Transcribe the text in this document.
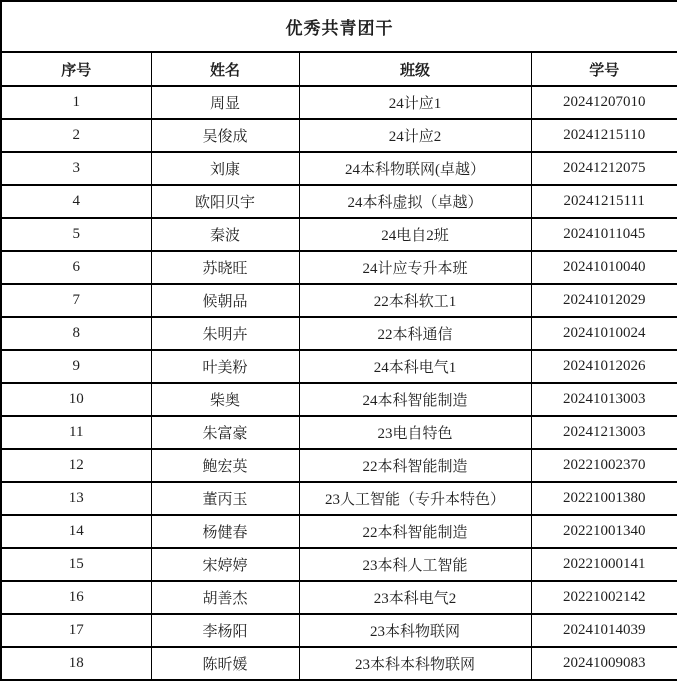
优秀共青团干			
序号	姓名	班级	学号
1	周显	24计应1	20241207010
2	吴俊成	24计应2	20241215110
3	刘康	24本科物联网(卓越）	20241212075
4	欧阳贝宇	24本科虚拟（卓越）	20241215111
5	秦波	24电自2班	20241011045
6	苏晓旺	24计应专升本班	20241010040
7	候朝品	22本科软工1	20241012029
8	朱明卉	22本科通信	20241010024
9	叶美粉	24本科电气1	20241012026
10	柴奥	24本科智能制造	20241013003
11	朱富豪	23电自特色	20241213003
12	鲍宏英	22本科智能制造	20221002370
13	董丙玉	23人工智能（专升本特色）	20221001380
14	杨健春	22本科智能制造	20221001340
15	宋婷婷	23本科人工智能	20221000141
16	胡善杰	23本科电气2	20221002142
17	李杨阳	23本科物联网	20241014039
18	陈昕媛	23本科本科物联网	20241009083
